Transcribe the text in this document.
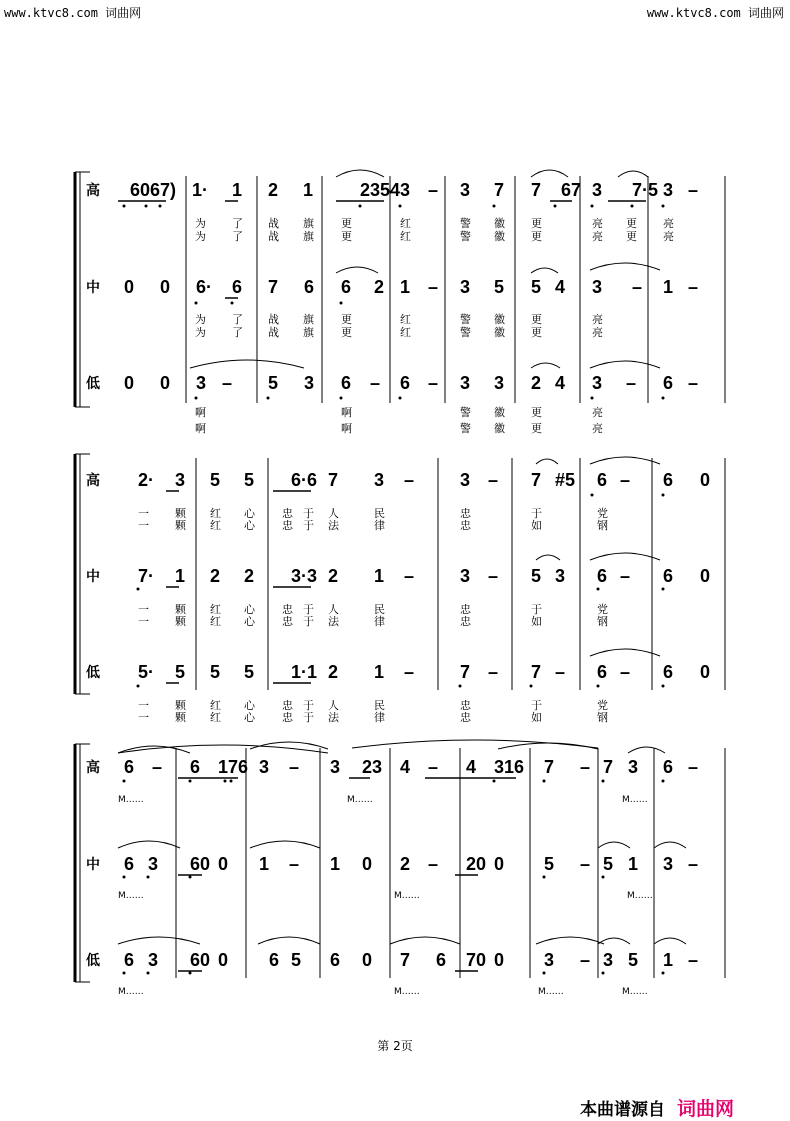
www.ktvc8.com 词曲网	www.ktvc8.com 词曲网
高 6067) 1· 1 2 1	2354 3 – 3 7 7 67 3 7·5 3 –
为 了 战 旗 更	红	警 徽 更	亮 更 亮
为 了 战 旗 更	红	警 徽 更	亮 更 亮
中 0 0 6· 6 7 6 6 2 1 – 3 5 5 4 3 – 1 –
为 了 战 旗 更	红	警 徽 更	亮
为 了 战 旗 更	红	警 徽 更	亮
低 0 0 3 – 5 3 6 – 6 – 3 3 2 4 3 – 6 –
啊	啊	警 徽 更	亮
啊	啊	警 徽 更	亮
高 2· 3 5 5 6·6 7 3 –	3 – 7 #5 6 – 6 0
一 颗 红 心 忠 于 人	民	忠	于	党
一 颗 红 心 忠 于 法	律	忠	如	钢
中 7· 1 2 2 3·3 2 1 –	3 – 5 3 6 – 6 0
一 颗 红 心 忠 于 人	民	忠	于	党
一 颗 红 心 忠 于 法	律	忠	如	钢
低 5· 5 5 5 1·1 2 1 –	7 – 7 – 6 – 6 0
一 颗 红 心 忠 于 人	民	忠	于	党
一 颗 红 心 忠 于 法	律	忠	如	钢
高 6 – 6 176 3 – 3 23 4 – 4 316 7 – 7 3 6 –
M……	M……	M……
中 6 3 60 0 1 – 1 0 2 – 20 0 5 – 5 1 3 –
M……	M……	M……
低 6 3 60 0 6 5 6 0 7 6 70 0 3 – 3 5 1 –
M……	M……	M……	M……
第 2页
本曲谱源自 词曲网
